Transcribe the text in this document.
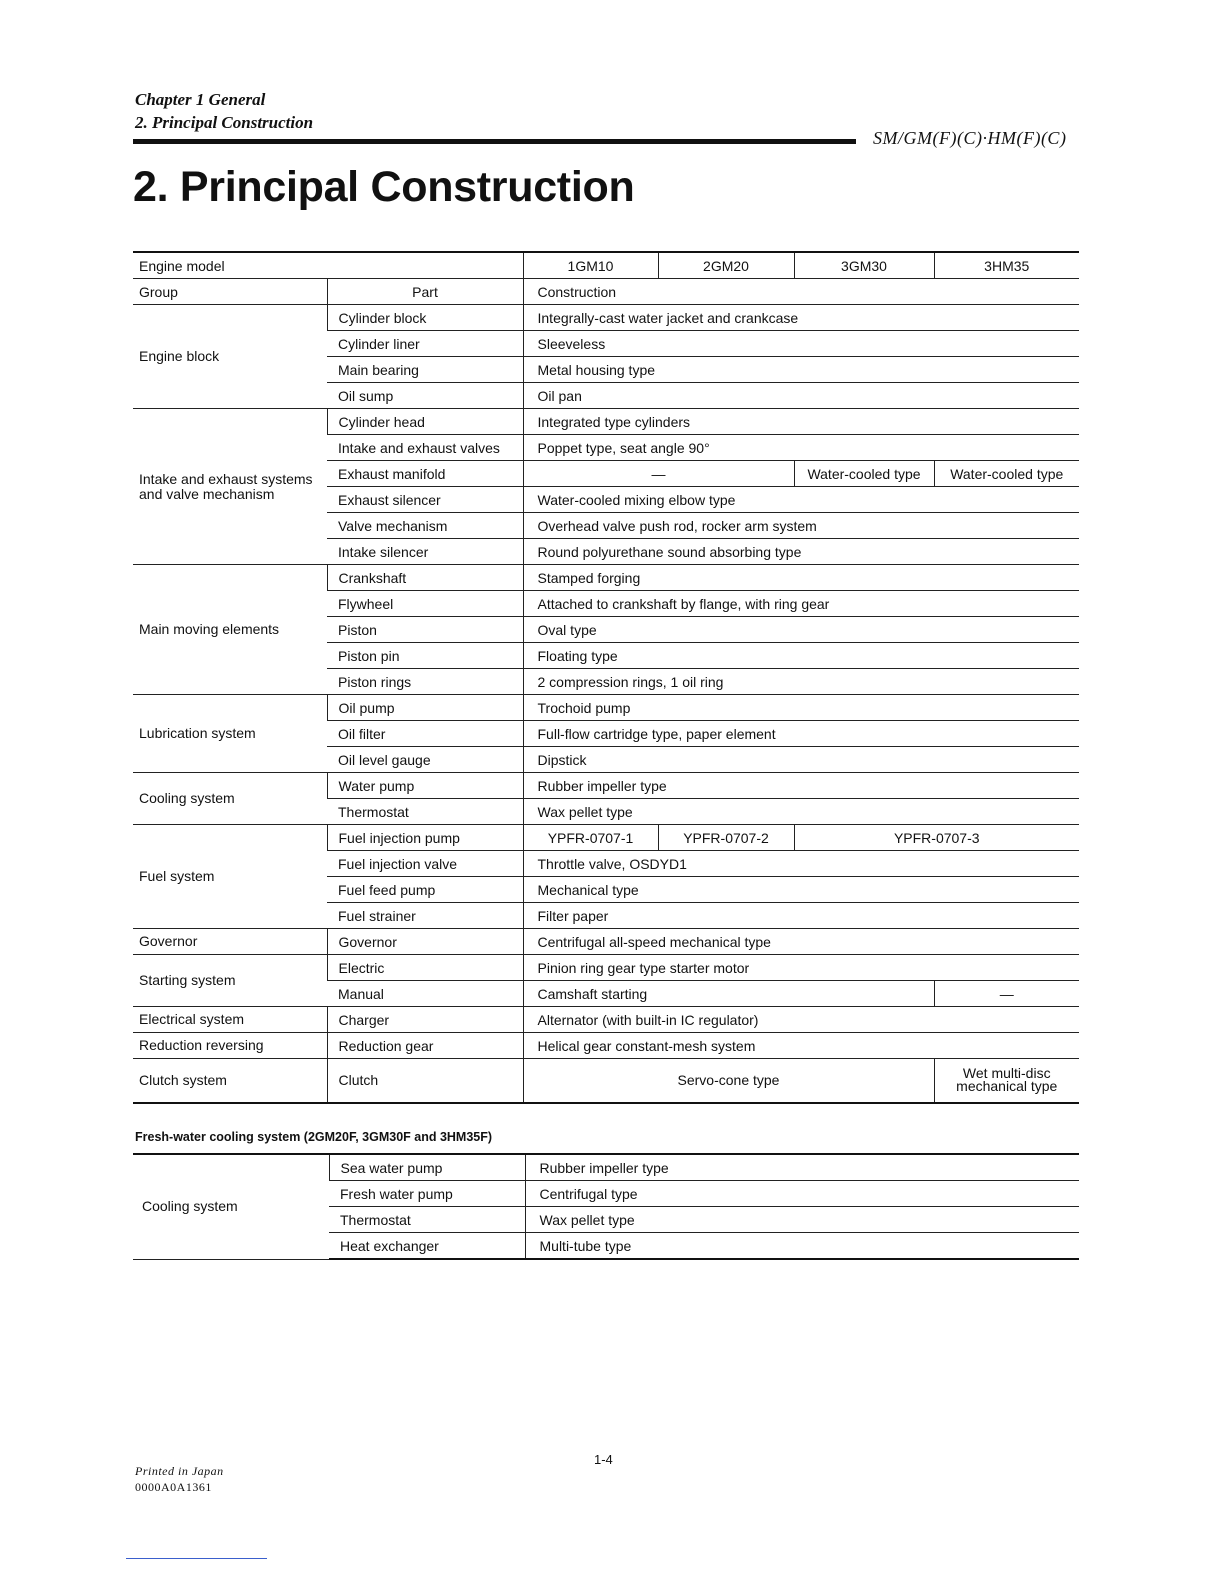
Chapter 1 General
2. Principal Construction
SM/GM(F)(C)·HM(F)(C)
2. Principal Construction
Engine model		1GM10	2GM20	3GM30	3HM35
Group	Part	Construction			
Engine block	Cylinder block	Integrally-cast water jacket and crankcase			
	Cylinder liner	Sleeveless			
	Main bearing	Metal housing type			
	Oil sump	Oil pan			
Intake and exhaust systems and valve mechanism	Cylinder head	Integrated type cylinders			
	Intake and exhaust valves	Poppet type, seat angle 90°			
	Exhaust manifold	—		Water-cooled type	Water-cooled type
	Exhaust silencer	Water-cooled mixing elbow type			
	Valve mechanism	Overhead valve push rod, rocker arm system			
	Intake silencer	Round polyurethane sound absorbing type			
Main moving elements	Crankshaft	Stamped forging			
	Flywheel	Attached to crankshaft by flange, with ring gear			
	Piston	Oval type			
	Piston pin	Floating type			
	Piston rings	2 compression rings, 1 oil ring			
Lubrication system	Oil pump	Trochoid pump			
	Oil filter	Full-flow cartridge type, paper element			
	Oil level gauge	Dipstick			
Cooling system	Water pump	Rubber impeller type			
	Thermostat	Wax pellet type			
Fuel system	Fuel injection pump	YPFR-0707-1	YPFR-0707-2	YPFR-0707-3	
	Fuel injection valve	Throttle valve, OSDYD1			
	Fuel feed pump	Mechanical type			
	Fuel strainer	Filter paper			
Governor	Governor	Centrifugal all-speed mechanical type			
Starting system	Electric	Pinion ring gear type starter motor			
	Manual	Camshaft starting			—
Electrical system	Charger	Alternator (with built-in IC regulator)			
Reduction reversing	Reduction gear	Helical gear constant-mesh system			
Clutch system	Clutch	Servo-cone type			Wet multi-disc mechanical type
Fresh-water cooling system (2GM20F, 3GM30F and 3HM35F)
Cooling system	Sea water pump	Rubber impeller type
	Fresh water pump	Centrifugal type
	Thermostat	Wax pellet type
	Heat exchanger	Multi-tube type
1-4
Printed in Japan
0000A0A1361
